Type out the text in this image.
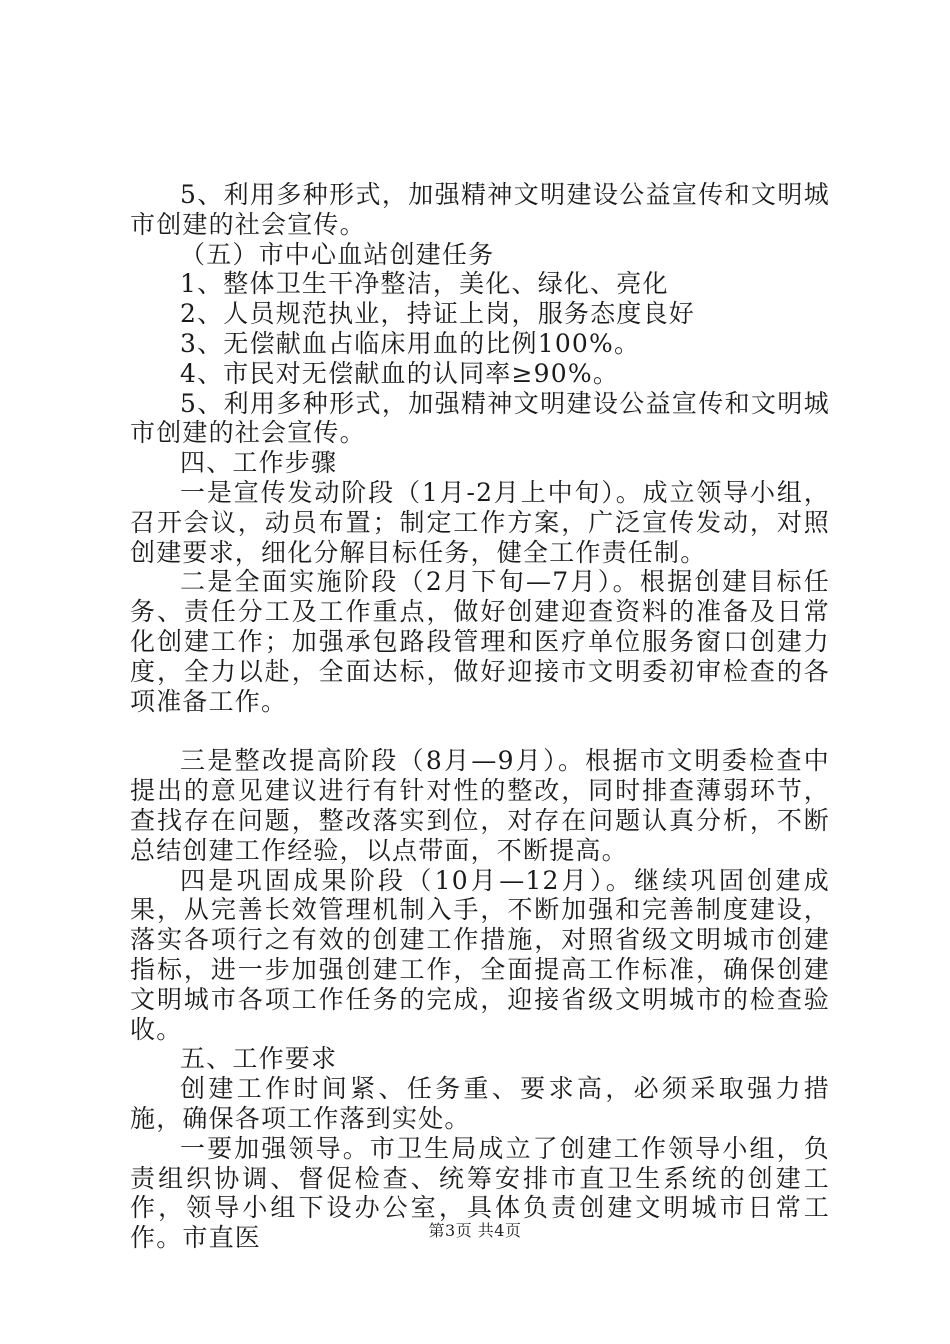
5、利用多种形式，加强精神文明建设公益宣传和文明城市创建的社会宣传。

（五）市中心血站创建任务

1、整体卫生干净整洁，美化、绿化、亮化

2、人员规范执业，持证上岗，服务态度良好

3、无偿献血占临床用血的比例100%。

4、市民对无偿献血的认同率≥90%。

5、利用多种形式，加强精神文明建设公益宣传和文明城市创建的社会宣传。

四、工作步骤

一是宣传发动阶段（1月-2月上中旬）。成立领导小组，召开会议，动员布置；制定工作方案，广泛宣传发动，对照创建要求，细化分解目标任务，健全工作责任制。

二是全面实施阶段（2月下旬—7月）。根据创建目标任务、责任分工及工作重点，做好创建迎查资料的准备及日常化创建工作；加强承包路段管理和医疗单位服务窗口创建力度，全力以赴，全面达标，做好迎接市文明委初审检查的各项准备工作。

三是整改提高阶段（8月—9月）。根据市文明委检查中提出的意见建议进行有针对性的整改，同时排查薄弱环节，查找存在问题，整改落实到位，对存在问题认真分析，不断总结创建工作经验，以点带面，不断提高。

四是巩固成果阶段（10月—12月）。继续巩固创建成果，从完善长效管理机制入手，不断加强和完善制度建设，落实各项行之有效的创建工作措施，对照省级文明城市创建指标，进一步加强创建工作，全面提高工作标准，确保创建文明城市各项工作任务的完成，迎接省级文明城市的检查验收。

五、工作要求

创建工作时间紧、任务重、要求高，必须采取强力措施，确保各项工作落到实处。

一要加强领导。市卫生局成立了创建工作领导小组，负责组织协调、督促检查、统筹安排市直卫生系统的创建工作，领导小组下设办公室，具体负责创建文明城市日常工作。市直医	第3页 共4页
